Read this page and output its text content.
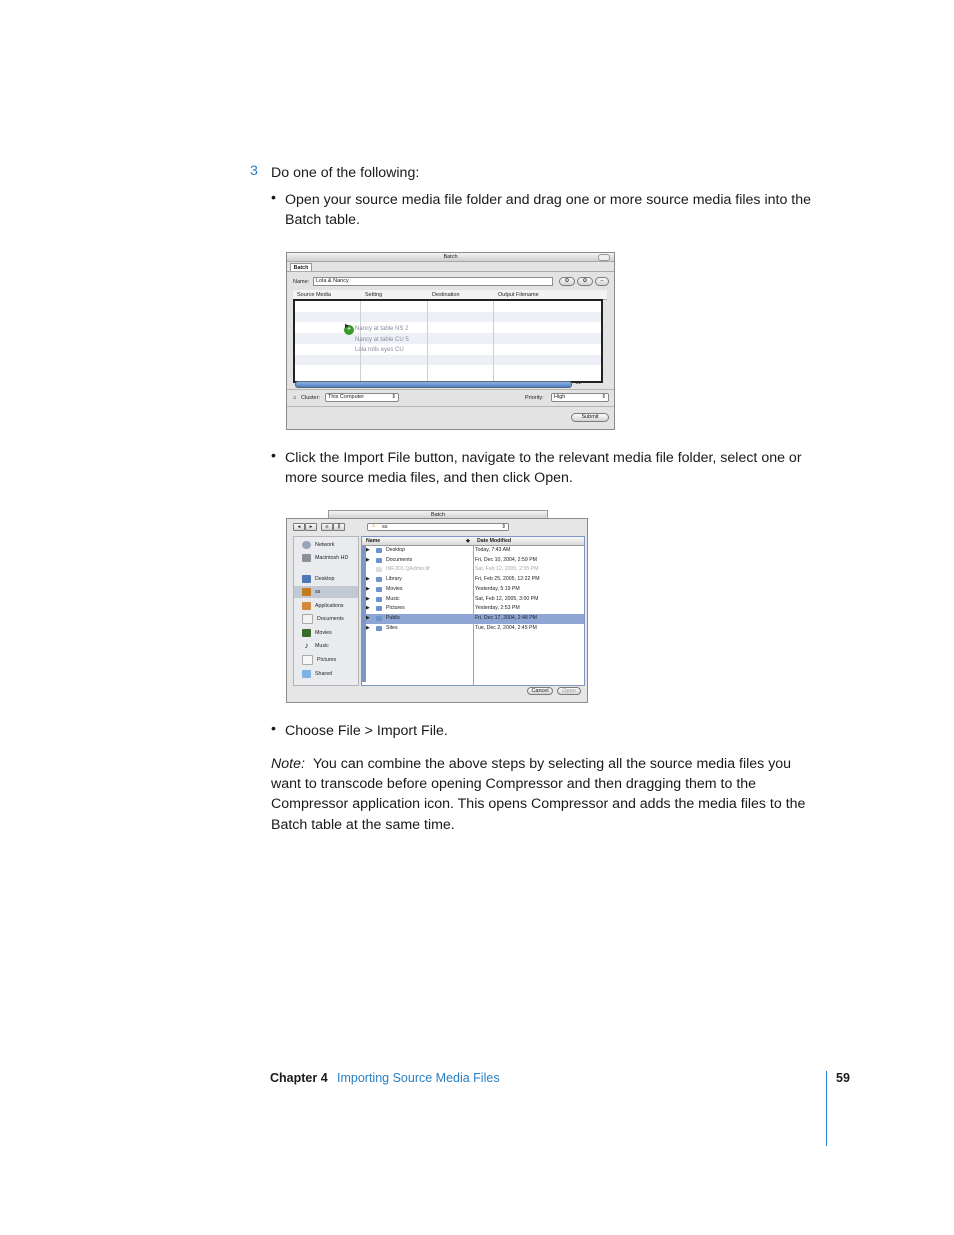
3 Do one of the following:
• Open your source media file folder and drag one or more source media files into the
Batch table.
Batch
Batch
Name: Lola & Nancy	⚙	⚙	–
Source Media	Setting	Destination	Output Filename
+
▸ Nancy at table NS 2
Nancy at table CU 5
Lola rolls eyes CU
◂ ▸
⌂ Cluster: This Computer	⇕	Priority: High	⇕
Submit
• Click the Import File button, navigate to the relevant media file folder, select one or
more source media files, and then click Open.
Batch
◂	▸	≡	⫼	⌂ ss	⇕
Network
Macintosh HD
Desktop
ss
Applications
Documents
Movies
♪ Music
Pictures
Shared
Name	◆ Date Modified
▶	Desktop	Today, 7:43 AM
▶	Documents	Fri, Dec 10, 2004, 2:59 PM
INF.301.QAdmin.tif	Sat, Feb 12, 2005, 2:55 PM
▶	Library	Fri, Feb 25, 2005, 12:22 PM
▶	Movies	Yesterday, 5:19 PM
▶	Music	Sat, Feb 12, 2005, 3:00 PM
▶	Pictures	Yesterday, 2:53 PM
▶	Public	Fri, Dec 17, 2004, 2:48 PM
▶	Sites	Tue, Dec 2, 2004, 2:45 PM
Cancel	Open
• Choose File > Import File.
Note: You can combine the above steps by selecting all the source media files you
want to transcode before opening Compressor and then dragging them to the
Compressor application icon. This opens Compressor and adds the media files to the
Batch table at the same time.
Chapter 4 Importing Source Media Files	59
